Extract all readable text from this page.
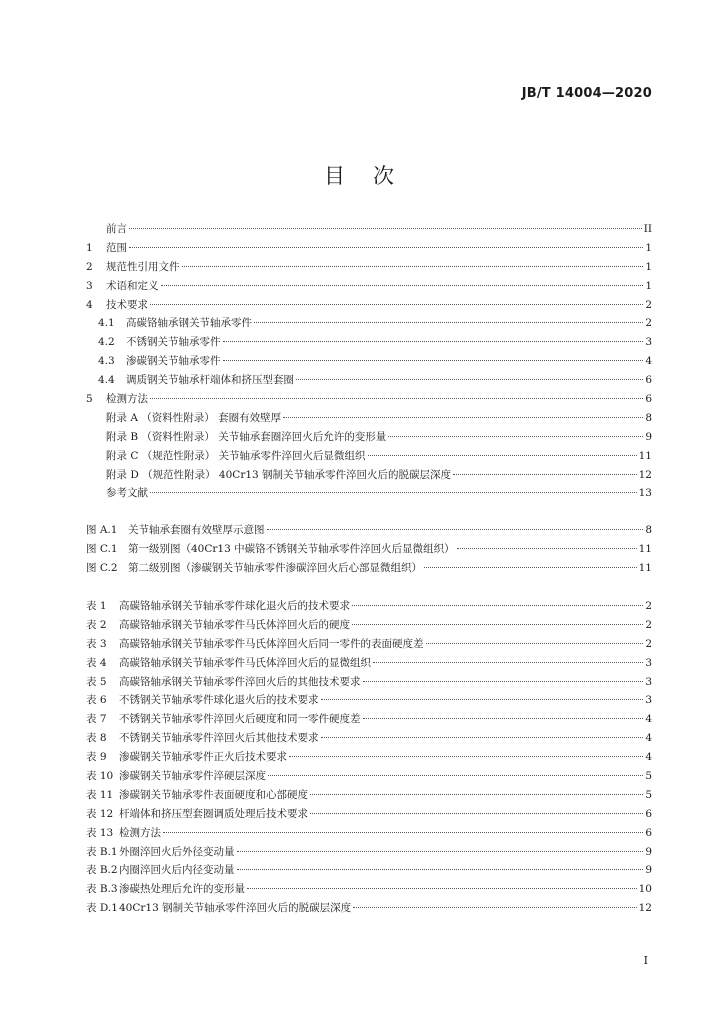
JB/T 14004—2020
目次
前言	II
1 范围	1
2 规范性引用文件	1
3 术语和定义	1
4 技术要求	2
4.1 高碳铬轴承钢关节轴承零件	2
4.2 不锈钢关节轴承零件	3
4.3 渗碳钢关节轴承零件	4
4.4 调质钢关节轴承杆端体和挤压型套圈	6
5 检测方法	6
附录 A （资料性附录） 套圈有效壁厚	8
附录 B （资料性附录） 关节轴承套圈淬回火后允许的变形量	9
附录 C （规范性附录） 关节轴承零件淬回火后显微组织	11
附录 D （规范性附录） 40Cr13 钢制关节轴承零件淬回火后的脱碳层深度	12
参考文献	13
图 A.1 关节轴承套圈有效壁厚示意图	8
图 C.1 第一级别图（40Cr13 中碳铬不锈钢关节轴承零件淬回火后显微组织）	11
图 C.2 第二级别图（渗碳钢关节轴承零件渗碳淬回火后心部显微组织）	11
表 1 高碳铬轴承钢关节轴承零件球化退火后的技术要求	2
表 2 高碳铬轴承钢关节轴承零件马氏体淬回火后的硬度	2
表 3 高碳铬轴承钢关节轴承零件马氏体淬回火后同一零件的表面硬度差	2
表 4 高碳铬轴承钢关节轴承零件马氏体淬回火后的显微组织	3
表 5 高碳铬轴承钢关节轴承零件淬回火后的其他技术要求	3
表 6 不锈钢关节轴承零件球化退火后的技术要求	3
表 7 不锈钢关节轴承零件淬回火后硬度和同一零件硬度差	4
表 8 不锈钢关节轴承零件淬回火后其他技术要求	4
表 9 渗碳钢关节轴承零件正火后技术要求	4
表 10 渗碳钢关节轴承零件淬硬层深度	5
表 11 渗碳钢关节轴承零件表面硬度和心部硬度	5
表 12 杆端体和挤压型套圈调质处理后技术要求	6
表 13 检测方法	6
表 B.1外圈淬回火后外径变动量	9
表 B.2内圈淬回火后内径变动量	9
表 B.3渗碳热处理后允许的变形量	10
表 D.140Cr13 钢制关节轴承零件淬回火后的脱碳层深度	12
I
